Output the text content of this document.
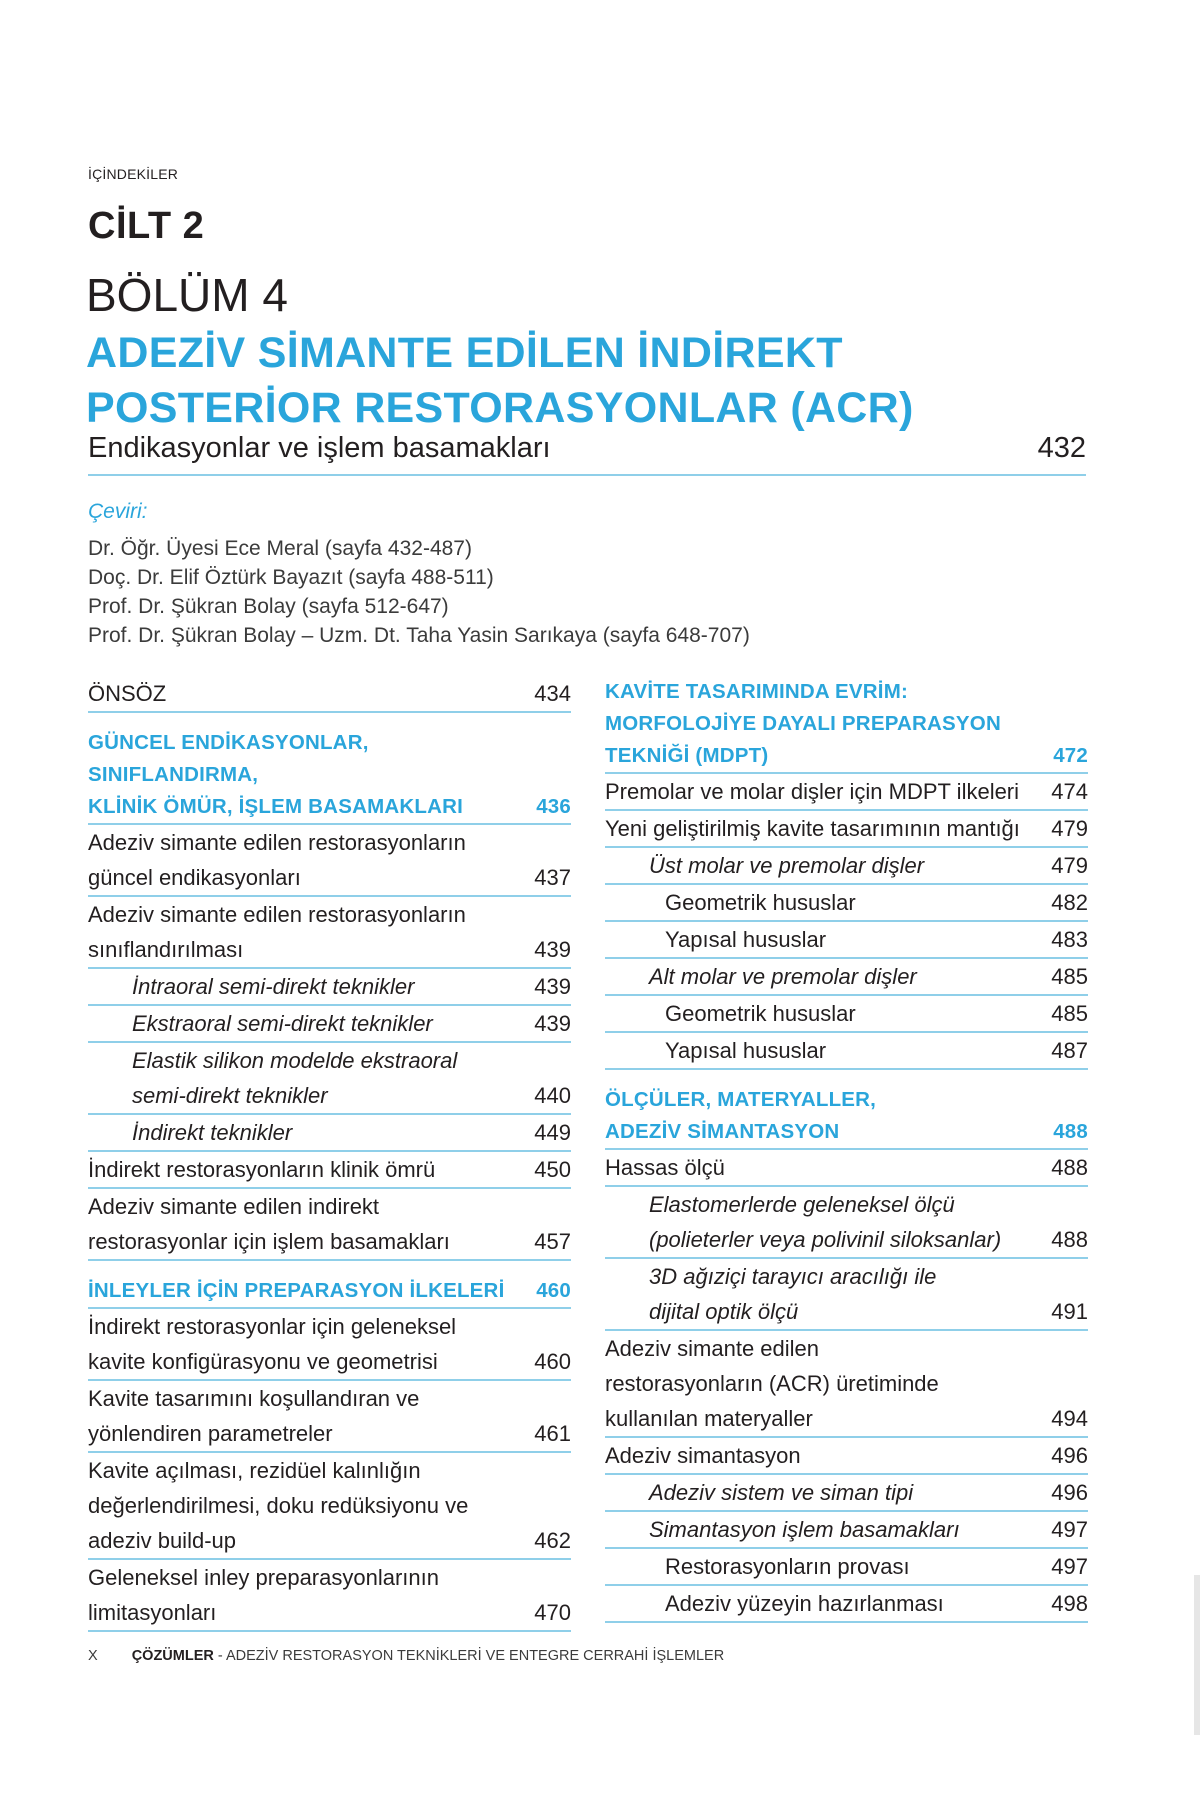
İÇİNDEKİLER
CİLT 2
BÖLÜM 4
ADEZİV SİMANTE EDİLEN İNDİREKT
POSTERİOR RESTORASYONLAR (ACR)
Endikasyonlar ve işlem basamakları	432
Çeviri:
Dr. Öğr. Üyesi Ece Meral (sayfa 432-487)
Doç. Dr. Elif Öztürk Bayazıt (sayfa 488-511)
Prof. Dr. Şükran Bolay (sayfa 512-647)
Prof. Dr. Şükran Bolay – Uzm. Dt. Taha Yasin Sarıkaya (sayfa 648-707)
ÖNSÖZ	434
GÜNCEL ENDİKASYONLAR, SINIFLANDIRMA,
KLİNİK ÖMÜR, İŞLEM BASAMAKLARI	436
Adeziv simante edilen restorasyonların
güncel endikasyonları	437
Adeziv simante edilen restorasyonların
sınıflandırılması	439
İntraoral semi-direkt teknikler	439
Ekstraoral semi-direkt teknikler	439
Elastik silikon modelde ekstraoral
semi-direkt teknikler	440
İndirekt teknikler	449
İndirekt restorasyonların klinik ömrü	450
Adeziv simante edilen indirekt
restorasyonlar için işlem basamakları	457
İNLEYLER İÇİN PREPARASYON İLKELERİ	460
İndirekt restorasyonlar için geleneksel
kavite konfigürasyonu ve geometrisi	460
Kavite tasarımını koşullandıran ve
yönlendiren parametreler	461
Kavite açılması, rezidüel kalınlığın
değerlendirilmesi, doku redüksiyonu ve
adeziv build-up	462
Geleneksel inley preparasyonlarının
limitasyonları	470
KAVİTE TASARIMINDA EVRİM:
MORFOLOJİYE DAYALI PREPARASYON
TEKNİĞİ (MDPT)	472
Premolar ve molar dişler için MDPT ilkeleri	474
Yeni geliştirilmiş kavite tasarımının mantığı	479
Üst molar ve premolar dişler	479
Geometrik hususlar	482
Yapısal hususlar	483
Alt molar ve premolar dişler	485
Geometrik hususlar	485
Yapısal hususlar	487
ÖLÇÜLER, MATERYALLER,
ADEZİV SİMANTASYON	488
Hassas ölçü	488
Elastomerlerde geleneksel ölçü
(polieterler veya polivinil siloksanlar)	488
3D ağıziçi tarayıcı aracılığı ile
dijital optik ölçü	491
Adeziv simante edilen
restorasyonların (ACR) üretiminde
kullanılan materyaller	494
Adeziv simantasyon	496
Adeziv sistem ve siman tipi	496
Simantasyon işlem basamakları	497
Restorasyonların provası	497
Adeziv yüzeyin hazırlanması	498
X ÇÖZÜMLER - ADEZİV RESTORASYON TEKNİKLERİ VE ENTEGRE CERRAHİ İŞLEMLER
